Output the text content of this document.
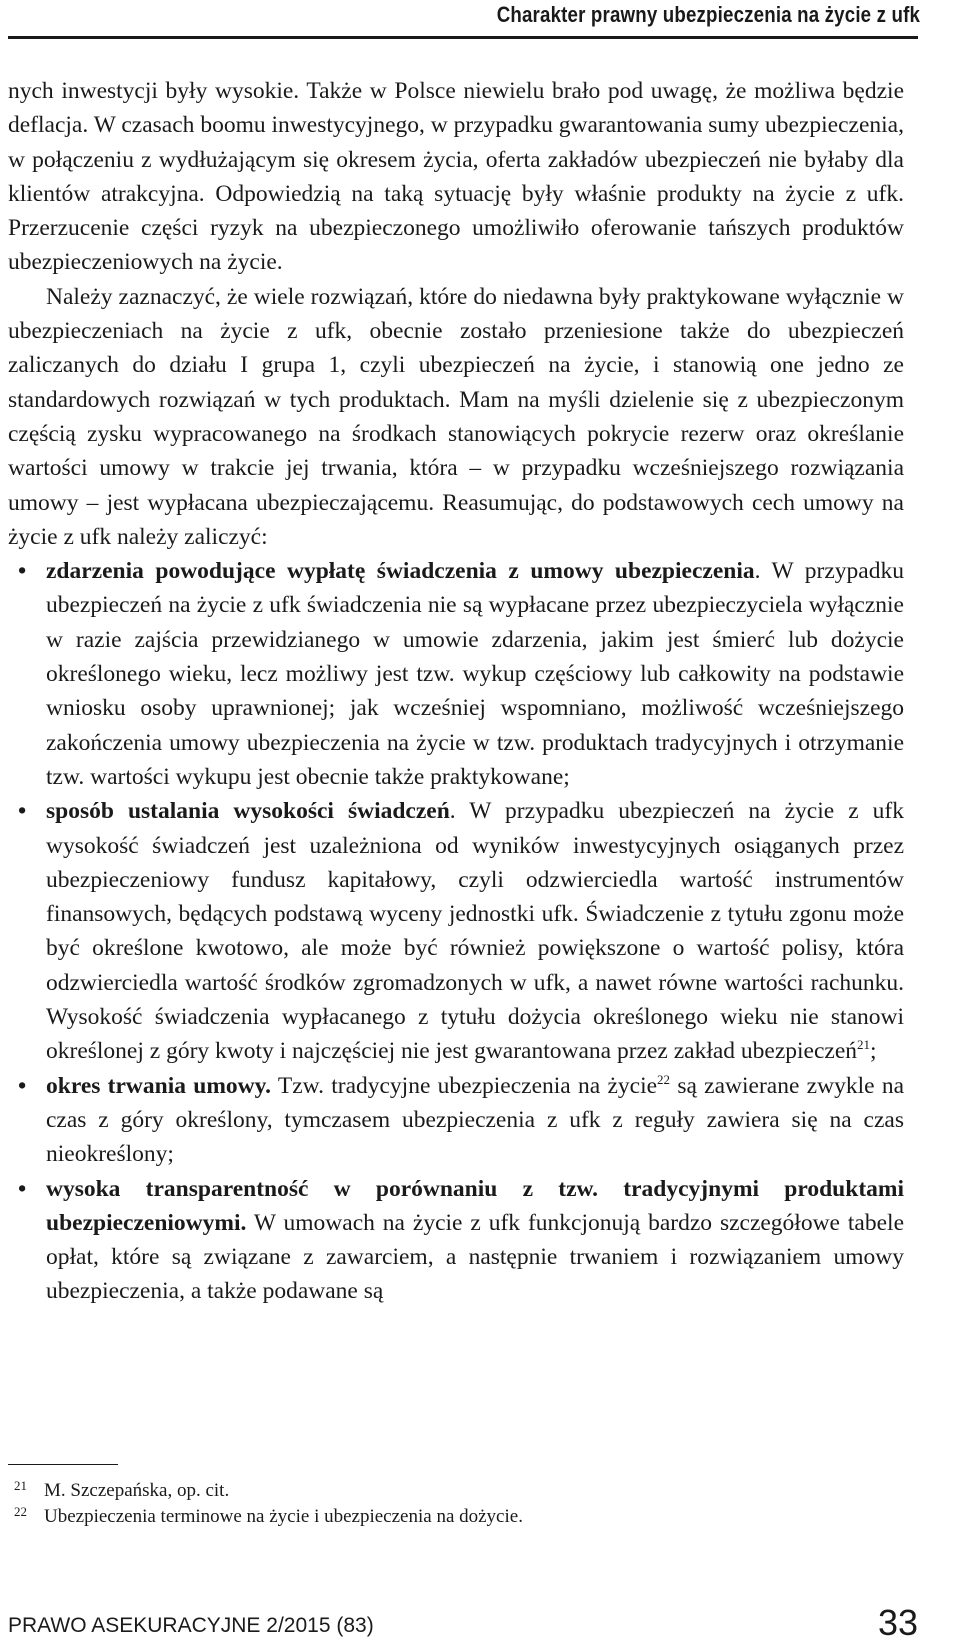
Charakter prawny ubezpieczenia na życie z ufk

nych inwestycji były wysokie. Także w Polsce niewielu brało pod uwagę, że możliwa będzie deflacja. W czasach boomu inwestycyjnego, w przypadku gwarantowania sumy ubezpieczenia, w połączeniu z wydłużającym się okresem życia, oferta zakładów ubezpieczeń nie byłaby dla klientów atrakcyjna. Odpowiedzią na taką sytuację były właśnie produkty na życie z ufk. Przerzucenie części ryzyk na ubezpieczonego umożliwiło oferowanie tańszych produktów ubezpieczeniowych na życie.

Należy zaznaczyć, że wiele rozwiązań, które do niedawna były praktykowane wyłącznie w ubezpieczeniach na życie z ufk, obecnie zostało przeniesione także do ubezpieczeń zaliczanych do działu I grupa 1, czyli ubezpieczeń na życie, i stanowią one jedno ze standardowych rozwiązań w tych produktach. Mam na myśli dzielenie się z ubezpieczonym częścią zysku wypracowanego na środkach stanowiących pokrycie rezerw oraz określanie wartości umowy w trakcie jej trwania, która – w przypadku wcześniejszego rozwiązania umowy – jest wypłacana ubezpieczającemu. Reasumując, do podstawowych cech umowy na życie z ufk należy zaliczyć:

• zdarzenia powodujące wypłatę świadczenia z umowy ubezpieczenia. W przypadku ubezpieczeń na życie z ufk świadczenia nie są wypłacane przez ubezpieczyciela wyłącznie w razie zajścia przewidzianego w umowie zdarzenia, jakim jest śmierć lub dożycie określonego wieku, lecz możliwy jest tzw. wykup częściowy lub całkowity na podstawie wniosku osoby uprawnionej; jak wcześniej wspomniano, możliwość wcześniejszego zakończenia umowy ubezpieczenia na życie w tzw. produktach tradycyjnych i otrzymanie tzw. wartości wykupu jest obecnie także praktykowane;
• sposób ustalania wysokości świadczeń. W przypadku ubezpieczeń na życie z ufk wysokość świadczeń jest uzależniona od wyników inwestycyjnych osiąganych przez ubezpieczeniowy fundusz kapitałowy, czyli odzwierciedla wartość instrumentów finansowych, będących podstawą wyceny jednostki ufk. Świadczenie z tytułu zgonu może być określone kwotowo, ale może być również powiększone o wartość polisy, która odzwierciedla wartość środków zgromadzonych w ufk, a nawet równe wartości rachunku. Wysokość świadczenia wypłacanego z tytułu dożycia określonego wieku nie stanowi określonej z góry kwoty i najczęściej nie jest gwarantowana przez zakład ubezpieczeń$^{21}$;
• okres trwania umowy. Tzw. tradycyjne ubezpieczenia na życie$^{22}$ są zawierane zwykle na czas z góry określony, tymczasem ubezpieczenia z ufk z reguły zawiera się na czas nieokreślony;
• wysoka transparentność w porównaniu z tzw. tradycyjnymi produktami ubezpieczeniowymi. W umowach na życie z ufk funkcjonują bardzo szczegółowe tabele opłat, które są związane z zawarciem, a następnie trwaniem i rozwiązaniem umowy ubezpieczenia, a także podawane są
21 M. Szczepańska, op. cit.
22 Ubezpieczenia terminowe na życie i ubezpieczenia na dożycie.
PRAWO ASEKURACYJNE 2/2015 (83)	33
